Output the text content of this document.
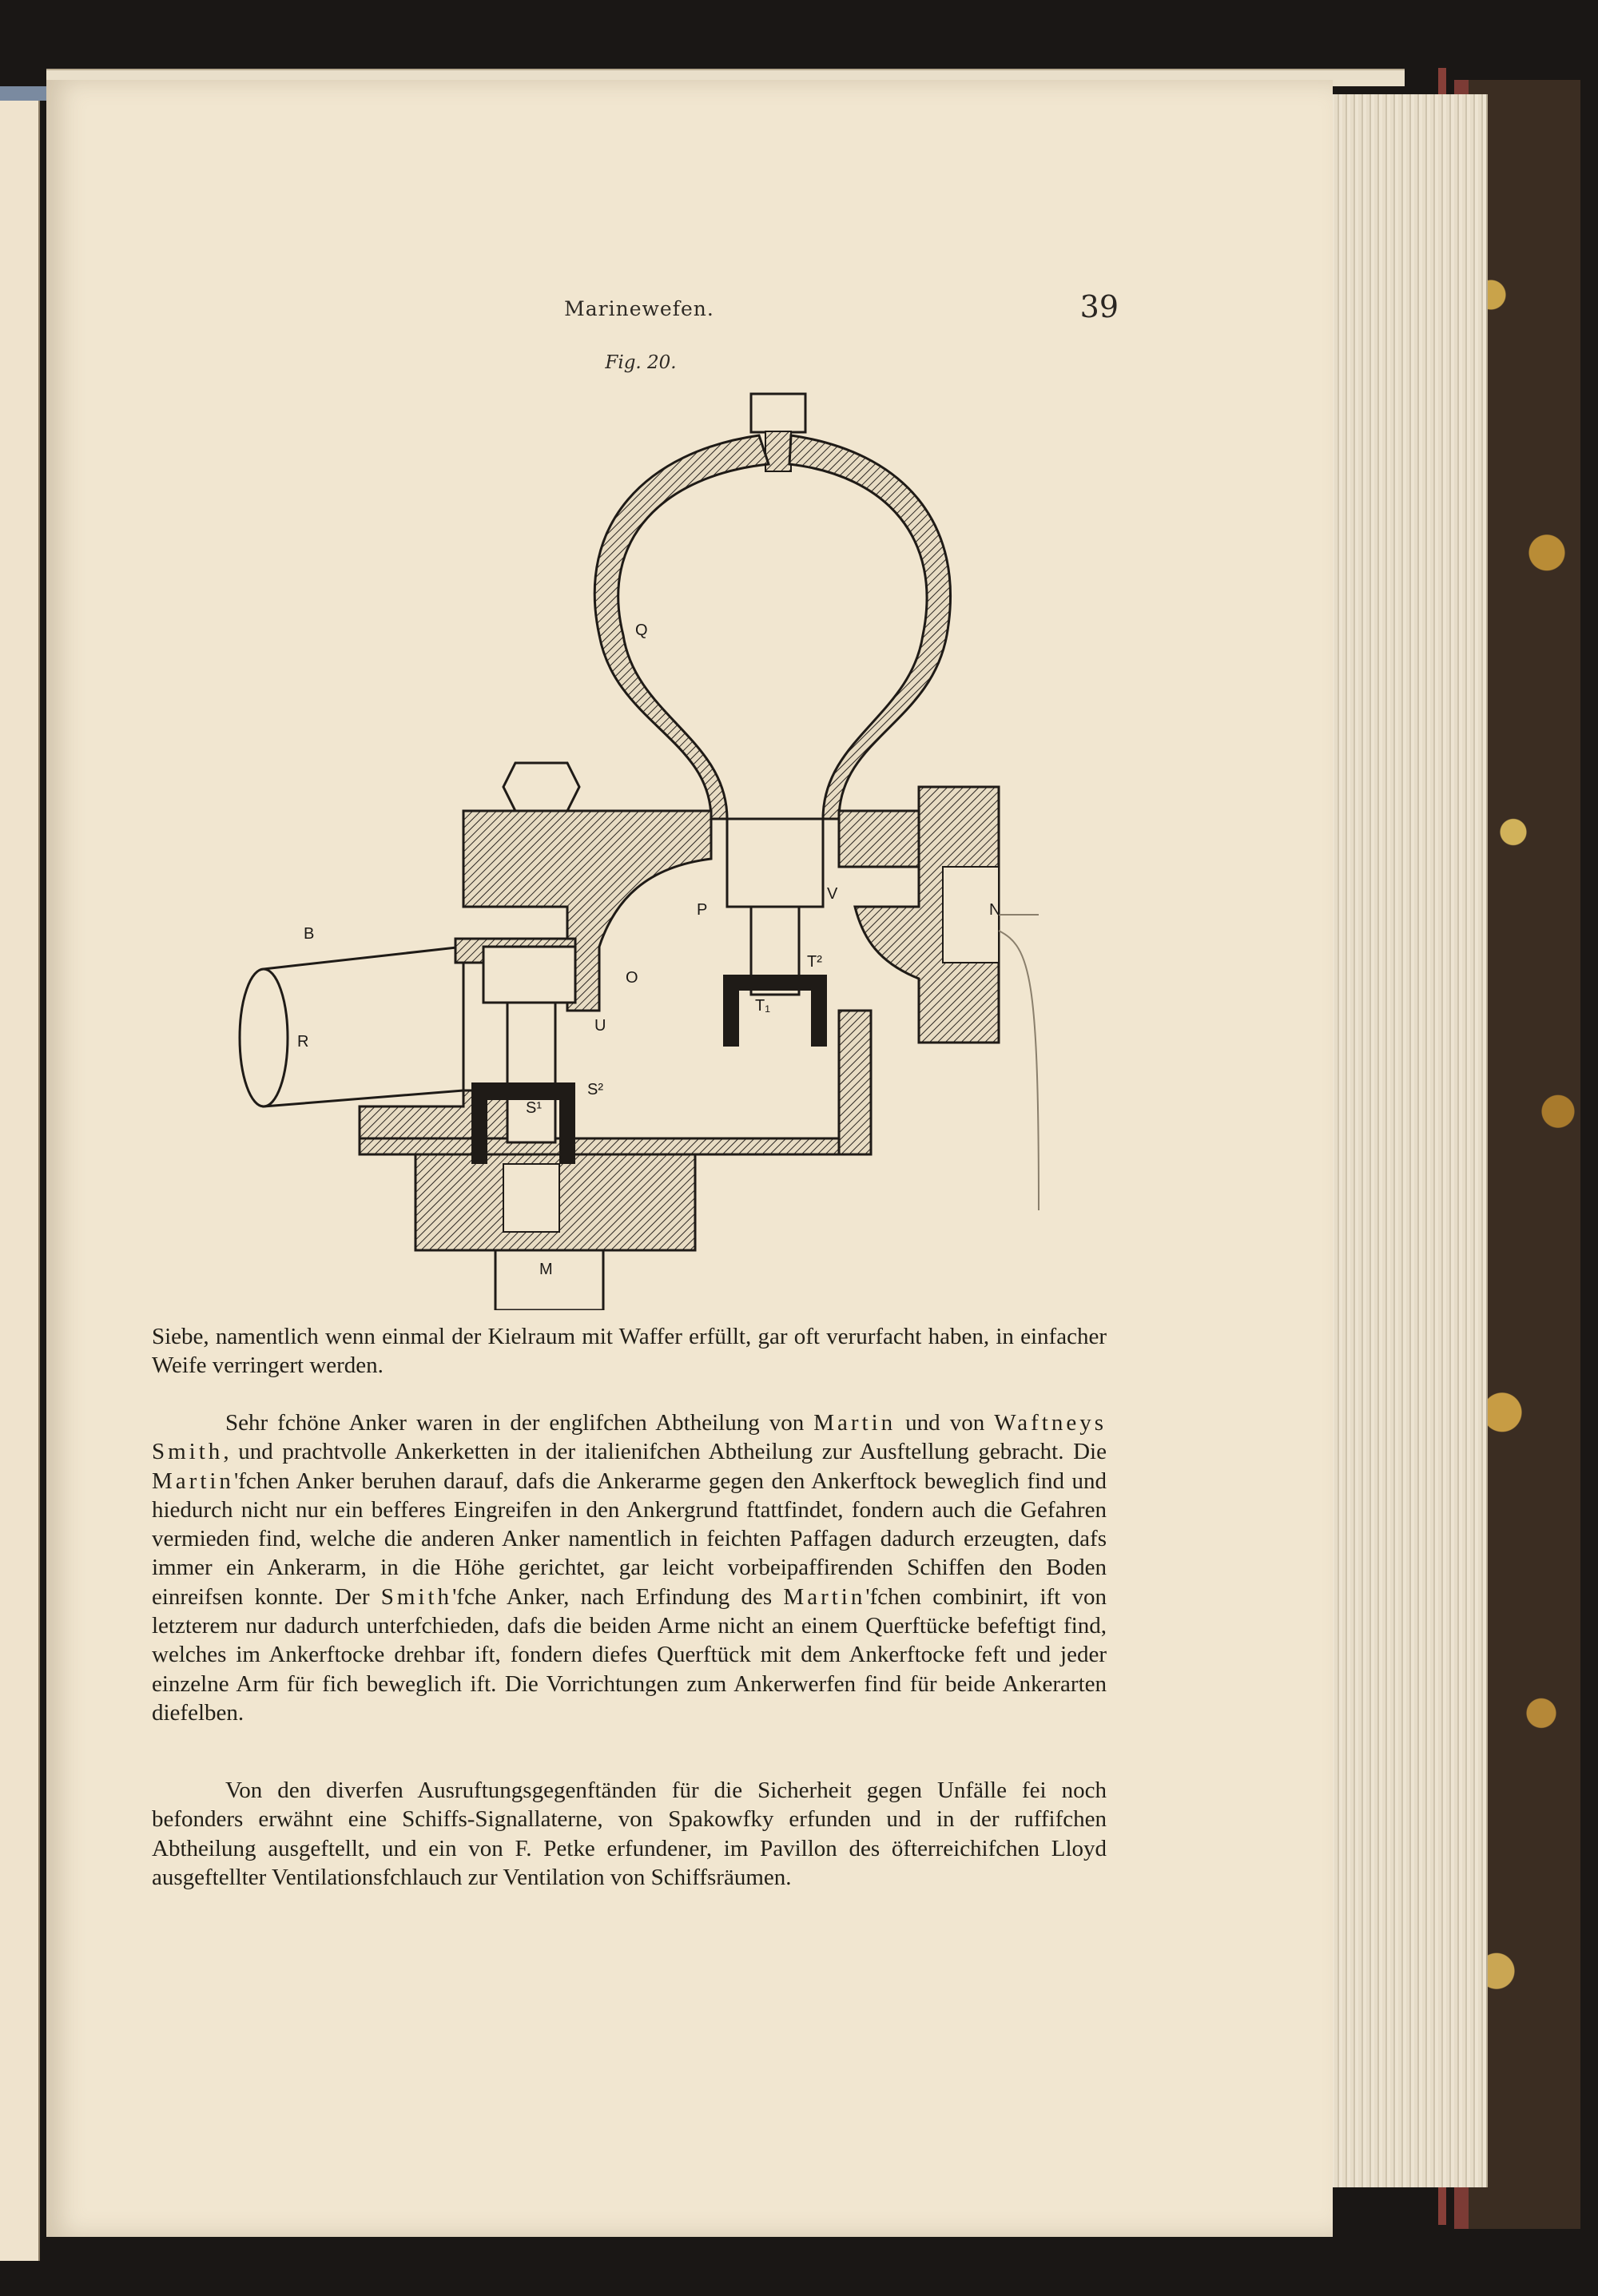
Marinewefen.	39
Fig. 20.
Q
B
R
P
V
N
T²
T₁
O
U
S²
S¹
M

Siebe, namentlich wenn einmal der Kielraum mit Waffer erfüllt, gar oft verurfacht haben, in einfacher Weife verringert werden.

Sehr fchöne Anker waren in der englifchen Abtheilung von Martin und von Waftneys Smith, und prachtvolle Ankerketten in der italienifchen Abtheilung zur Ausftellung gebracht. Die Martin'fchen Anker beruhen darauf, dafs die Ankerarme gegen den Ankerftock beweglich find und hiedurch nicht nur ein befferes Eingreifen in den Ankergrund ftattfindet, fondern auch die Gefahren vermieden find, welche die anderen Anker namentlich in feichten Paffagen dadurch erzeugten, dafs immer ein Ankerarm, in die Höhe gerichtet, gar leicht vorbeipaffirenden Schiffen den Boden einreifsen konnte. Der Smith'fche Anker, nach Erfindung des Martin'fchen combinirt, ift von letzterem nur dadurch unterfchieden, dafs die beiden Arme nicht an einem Querftücke befeftigt find, welches im Ankerftocke drehbar ift, fondern diefes Querftück mit dem Ankerftocke feft und jeder einzelne Arm für fich beweglich ift. Die Vorrichtungen zum Ankerwerfen find für beide Ankerarten diefelben.

Von den diverfen Ausruftungsgegenftänden für die Sicherheit gegen Unfälle fei noch befonders erwähnt eine Schiffs-Signallaterne, von Spakowfky erfunden und in der ruffifchen Abtheilung ausgeftellt, und ein von F. Petke erfundener, im Pavillon des öfterreichifchen Lloyd ausgeftellter Ventilationsfchlauch zur Ventilation von Schiffsräumen.
